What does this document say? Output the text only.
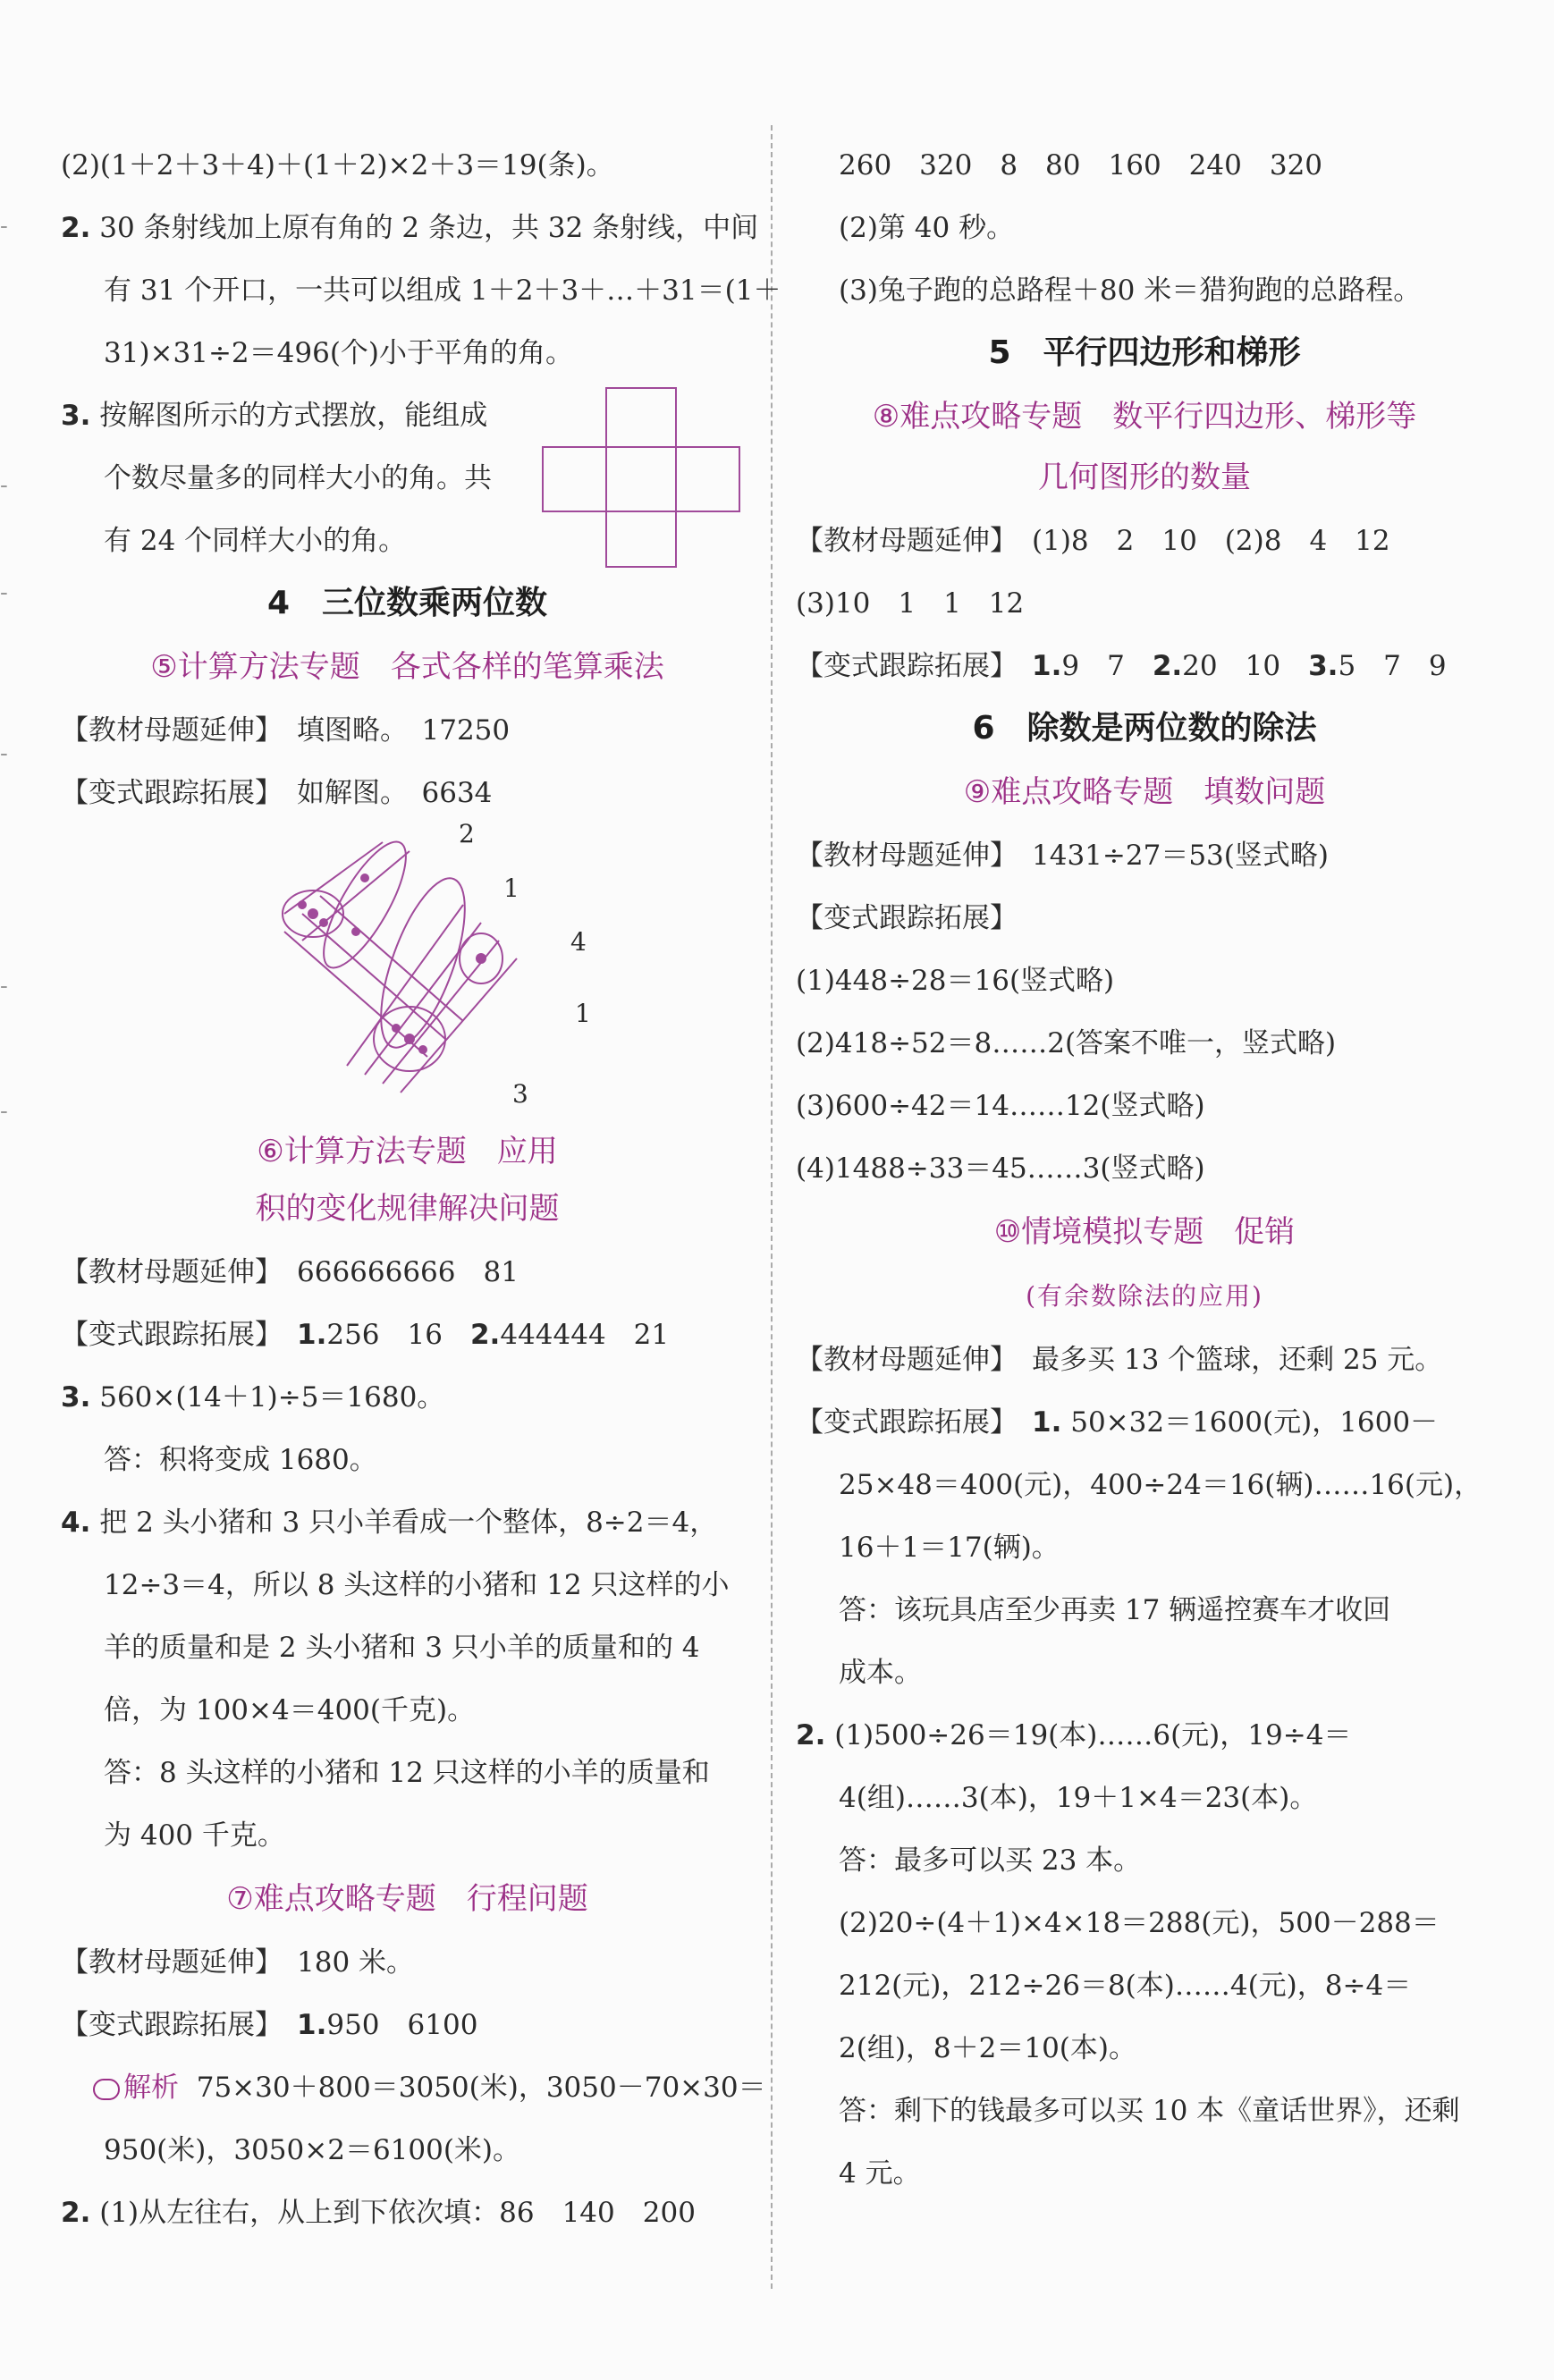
-
-
-
-
-
-
(2)(1＋2＋3＋4)＋(1＋2)×2＋3＝19(条)。
2. 30 条射线加上原有角的 2 条边，共 32 条射线，中间
有 31 个开口，一共可以组成 1＋2＋3＋…＋31＝(1＋
31)×31÷2＝496(个)小于平角的角。
3. 按解图所示的方式摆放，能组成
个数尽量多的同样大小的角。共
有 24 个同样大小的角。
4　三位数乘两位数
⑤计算方法专题　各式各样的笔算乘法
【教材母题延伸】 填图略。　17250
【变式跟踪拓展】 如解图。　6634
2
1
4
1
3
⑥计算方法专题　应用
积的变化规律解决问题
【教材母题延伸】 666666666　81
【变式跟踪拓展】 1.256　16　2.444444　21
3. 560×(14＋1)÷5＝1680。
答：积将变成 1680。
4. 把 2 头小猪和 3 只小羊看成一个整体，8÷2＝4，
12÷3＝4，所以 8 头这样的小猪和 12 只这样的小
羊的质量和是 2 头小猪和 3 只小羊的质量和的 4
倍，为 100×4＝400(千克)。
答：8 头这样的小猪和 12 只这样的小羊的质量和
为 400 千克。
⑦难点攻略专题　行程问题
【教材母题延伸】 180 米。
【变式跟踪拓展】 1.950　6100
解析 75×30＋800＝3050(米)，3050－70×30＝
950(米)，3050×2＝6100(米)。
2. (1)从左往右，从上到下依次填：86　140　200
260　320　8　80　160　240　320
(2)第 40 秒。
(3)兔子跑的总路程＋80 米＝猎狗跑的总路程。
5　平行四边形和梯形
⑧难点攻略专题　数平行四边形、梯形等
几何图形的数量
【教材母题延伸】 (1)8　2　10　(2)8　4　12
(3)10　1　1　12
【变式跟踪拓展】 1.9　7　2.20　10　3.5　7　9
6　除数是两位数的除法
⑨难点攻略专题　填数问题
【教材母题延伸】 1431÷27＝53(竖式略)
【变式跟踪拓展】
(1)448÷28＝16(竖式略)
(2)418÷52＝8……2(答案不唯一，竖式略)
(3)600÷42＝14……12(竖式略)
(4)1488÷33＝45……3(竖式略)
⑩情境模拟专题　促销
(有余数除法的应用)
【教材母题延伸】 最多买 13 个篮球，还剩 25 元。
【变式跟踪拓展】 1. 50×32＝1600(元)，1600－
25×48＝400(元)，400÷24＝16(辆)……16(元)，
16＋1＝17(辆)。
答：该玩具店至少再卖 17 辆遥控赛车才收回
成本。
2. (1)500÷26＝19(本)……6(元)，19÷4＝
4(组)……3(本)，19＋1×4＝23(本)。
答：最多可以买 23 本。
(2)20÷(4＋1)×4×18＝288(元)，500－288＝
212(元)，212÷26＝8(本)……4(元)，8÷4＝
2(组)，8＋2＝10(本)。
答：剩下的钱最多可以买 10 本《童话世界》，还剩
4 元。
